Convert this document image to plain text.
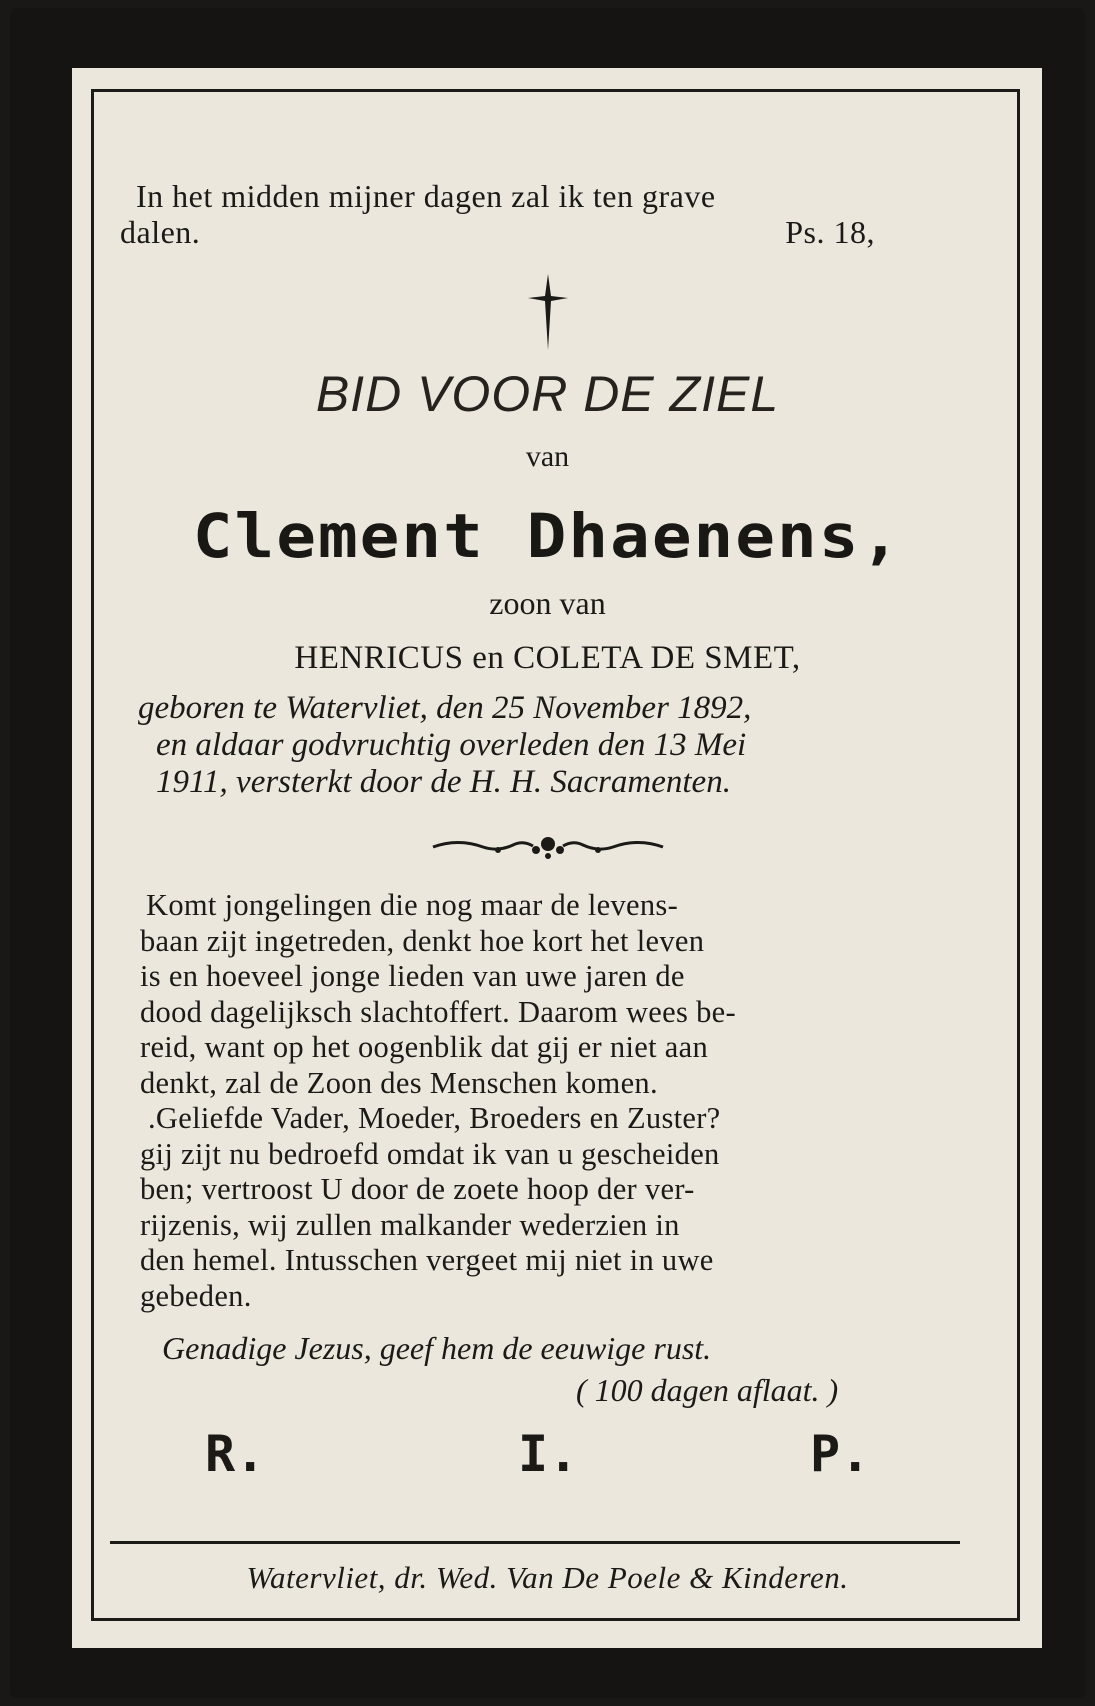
In het midden mijner dagen zal ik ten grave
dalen.	Ps. 18,
BID VOOR DE ZIEL
van
Clement Dhaenens,
zoon van
HENRICUS en COLETA DE SMET,
geboren te Watervliet, den 25 November 1892,
en aldaar godvruchtig overleden den 13 Mei
1911, versterkt door de H. H. Sacramenten.
Komt jongelingen die nog maar de levens-
baan zijt ingetreden, denkt hoe kort het leven
is en hoeveel jonge lieden van uwe jaren de
dood dagelijksch slachtoffert. Daarom wees be-
reid, want op het oogenblik dat gij er niet aan
denkt, zal de Zoon des Menschen komen.
.Geliefde Vader, Moeder, Broeders en Zuster?
gij zijt nu bedroefd omdat ik van u gescheiden
ben; vertroost U door de zoete hoop der ver-
rijzenis, wij zullen malkander wederzien in
den hemel. Intusschen vergeet mij niet in uwe
gebeden.
Genadige Jezus, geef hem de eeuwige rust.
( 100 dagen aflaat. )
R.	I.	P.
Watervliet, dr. Wed. Van De Poele & Kinderen.
